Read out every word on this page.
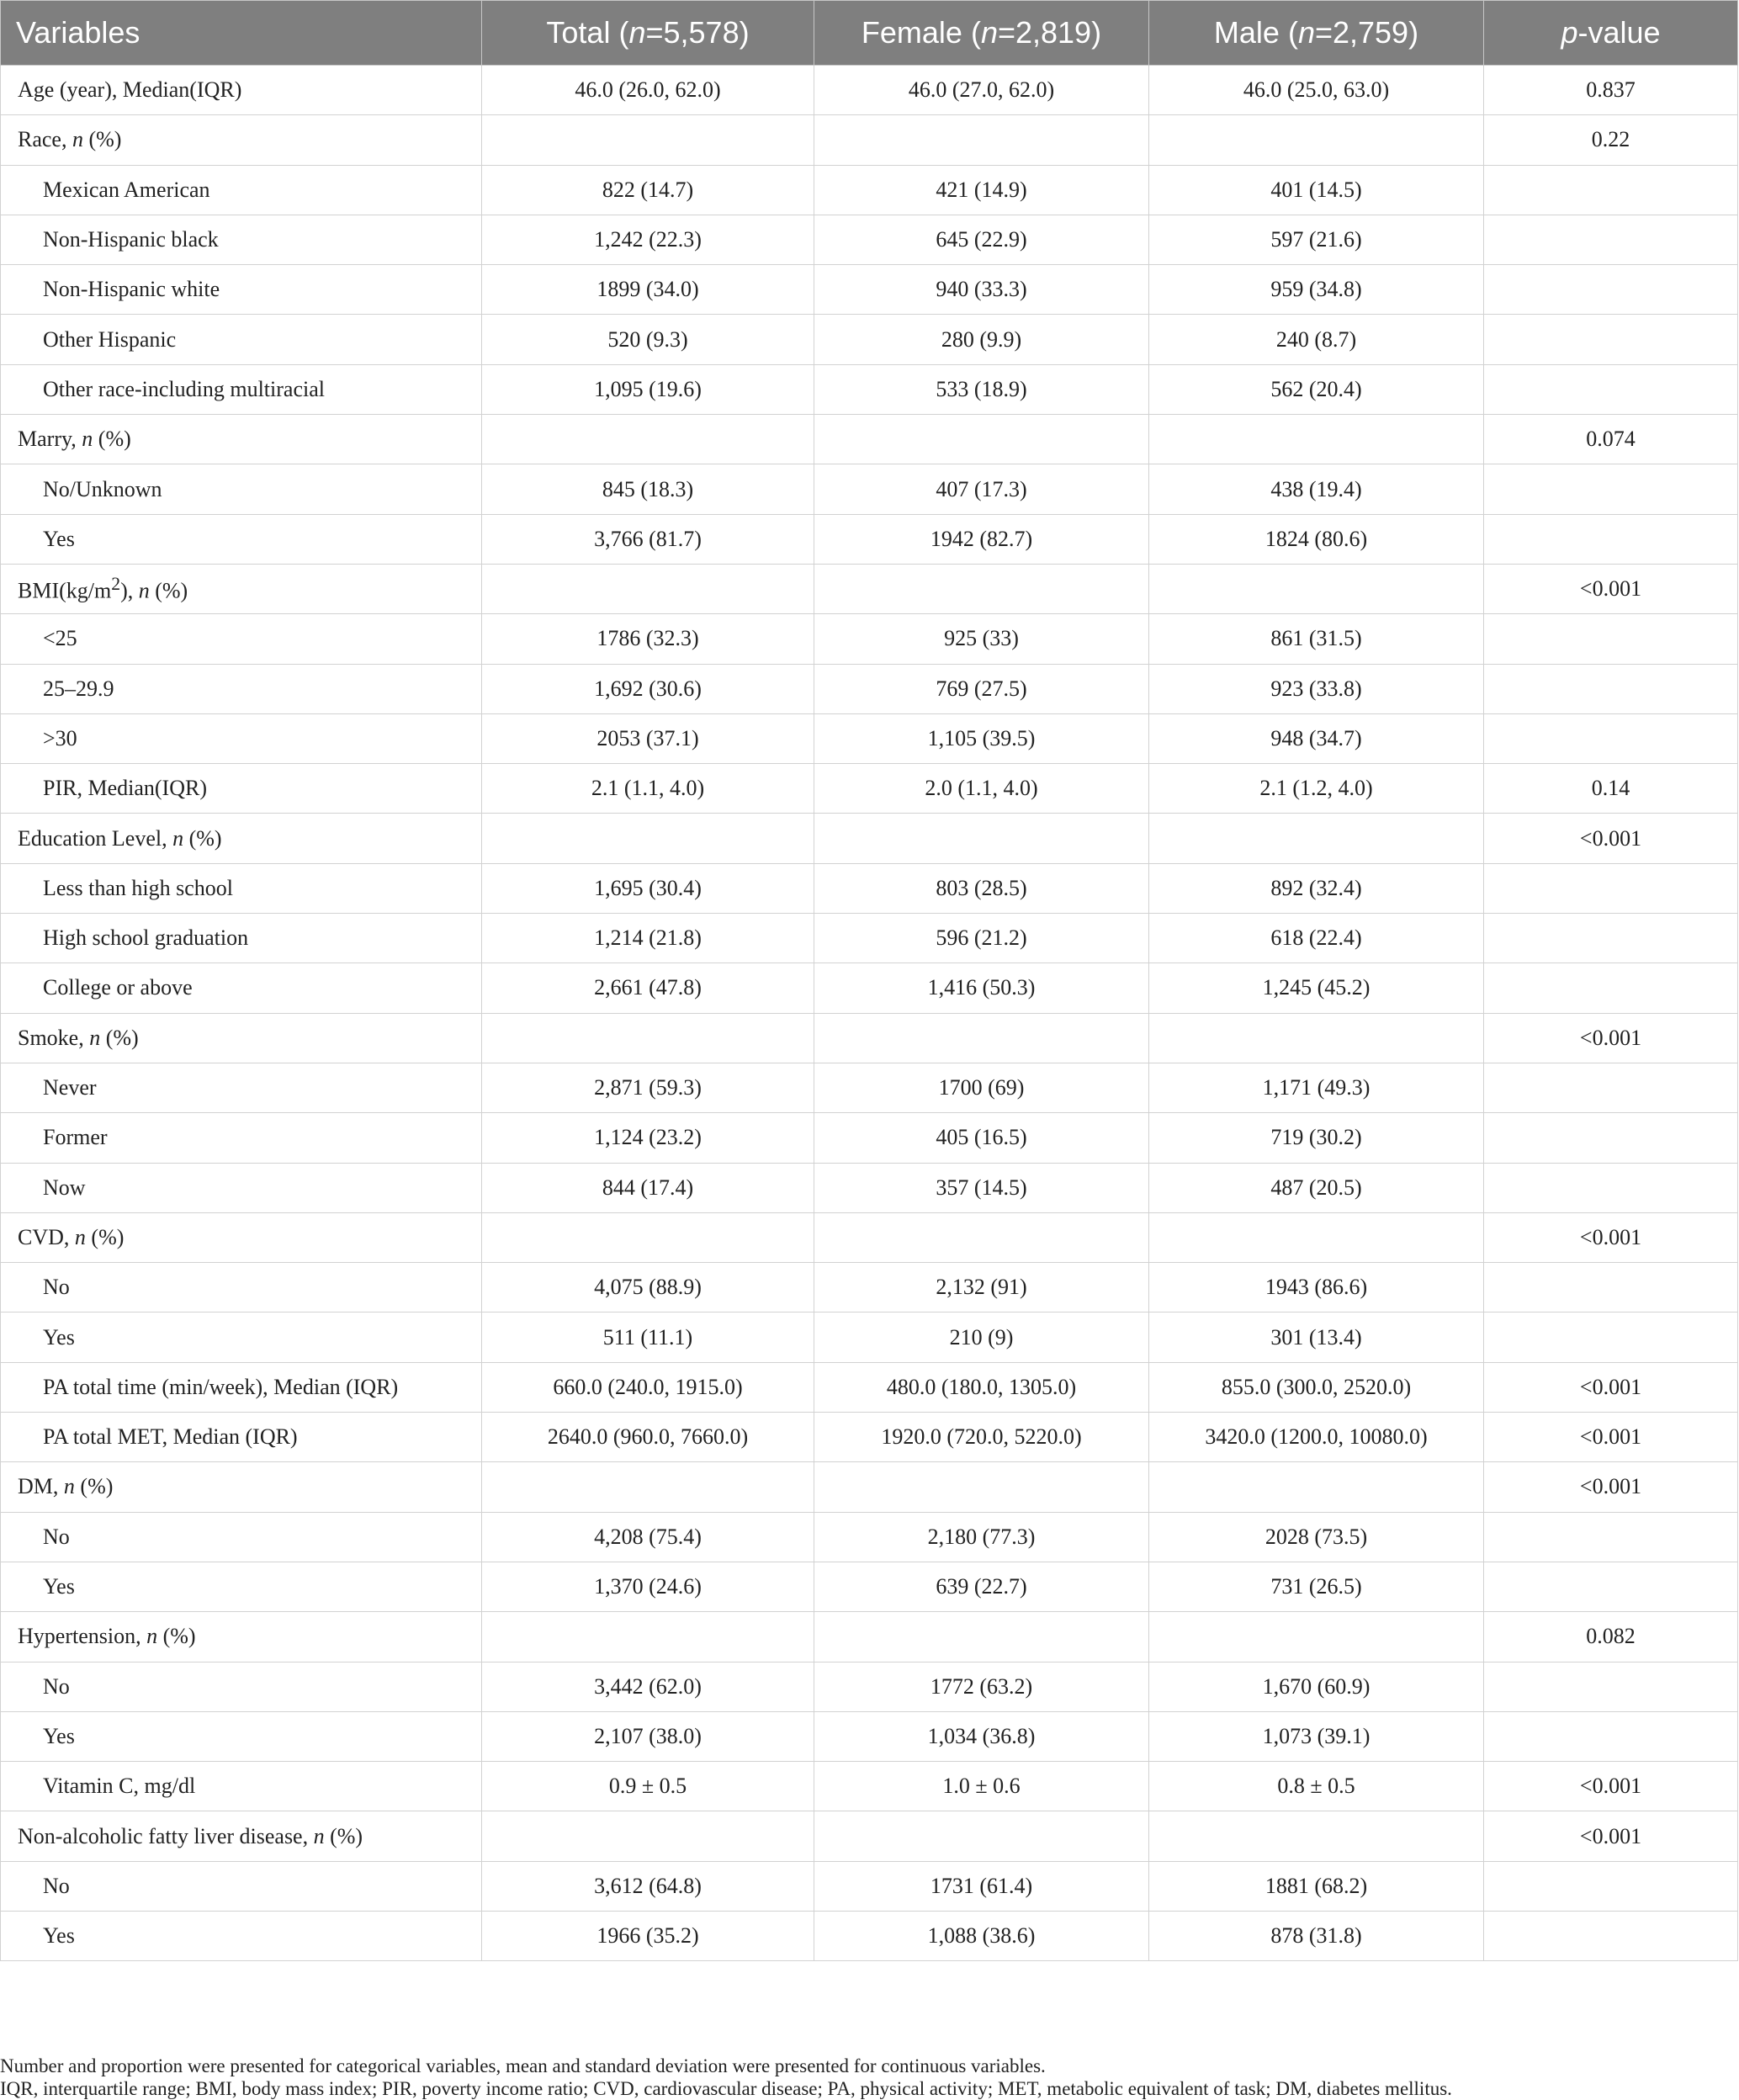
Variables	Total (n=5,578)	Female (n=2,819)	Male (n=2,759)	p-value
Age (year), Median(IQR)	46.0 (26.0, 62.0)	46.0 (27.0, 62.0)	46.0 (25.0, 63.0)	0.837
Race, n (%)				0.22
Mexican American	822 (14.7)	421 (14.9)	401 (14.5)	
Non-Hispanic black	1,242 (22.3)	645 (22.9)	597 (21.6)	
Non-Hispanic white	1899 (34.0)	940 (33.3)	959 (34.8)	
Other Hispanic	520 (9.3)	280 (9.9)	240 (8.7)	
Other race-including multiracial	1,095 (19.6)	533 (18.9)	562 (20.4)	
Marry, n (%)				0.074
No/Unknown	845 (18.3)	407 (17.3)	438 (19.4)	
Yes	3,766 (81.7)	1942 (82.7)	1824 (80.6)	
$BMI(kg/m^2)$, n (%)				<0.001
<25	1786 (32.3)	925 (33)	861 (31.5)	
25–29.9	1,692 (30.6)	769 (27.5)	923 (33.8)	
>30	2053 (37.1)	1,105 (39.5)	948 (34.7)	
PIR, Median(IQR)	2.1 (1.1, 4.0)	2.0 (1.1, 4.0)	2.1 (1.2, 4.0)	0.14
Education Level, n (%)				<0.001
Less than high school	1,695 (30.4)	803 (28.5)	892 (32.4)	
High school graduation	1,214 (21.8)	596 (21.2)	618 (22.4)	
College or above	2,661 (47.8)	1,416 (50.3)	1,245 (45.2)	
Smoke, n (%)				<0.001
Never	2,871 (59.3)	1700 (69)	1,171 (49.3)	
Former	1,124 (23.2)	405 (16.5)	719 (30.2)	
Now	844 (17.4)	357 (14.5)	487 (20.5)	
CVD, n (%)				<0.001
No	4,075 (88.9)	2,132 (91)	1943 (86.6)	
Yes	511 (11.1)	210 (9)	301 (13.4)	
PA total time (min/week), Median (IQR)	660.0 (240.0, 1915.0)	480.0 (180.0, 1305.0)	855.0 (300.0, 2520.0)	<0.001
PA total MET, Median (IQR)	2640.0 (960.0, 7660.0)	1920.0 (720.0, 5220.0)	3420.0 (1200.0, 10080.0)	<0.001
DM, n (%)				<0.001
No	4,208 (75.4)	2,180 (77.3)	2028 (73.5)	
Yes	1,370 (24.6)	639 (22.7)	731 (26.5)	
Hypertension, n (%)				0.082
No	3,442 (62.0)	1772 (63.2)	1,670 (60.9)	
Yes	2,107 (38.0)	1,034 (36.8)	1,073 (39.1)	
Vitamin C, mg/dl	0.9 ± 0.5	1.0 ± 0.6	0.8 ± 0.5	<0.001
Non-alcoholic fatty liver disease, n (%)				<0.001
No	3,612 (64.8)	1731 (61.4)	1881 (68.2)	
Yes	1966 (35.2)	1,088 (38.6)	878 (31.8)	
Number and proportion were presented for categorical variables, mean and standard deviation were presented for continuous variables.
IQR, interquartile range; BMI, body mass index; PIR, poverty income ratio; CVD, cardiovascular disease; PA, physical activity; MET, metabolic equivalent of task; DM, diabetes mellitus.
